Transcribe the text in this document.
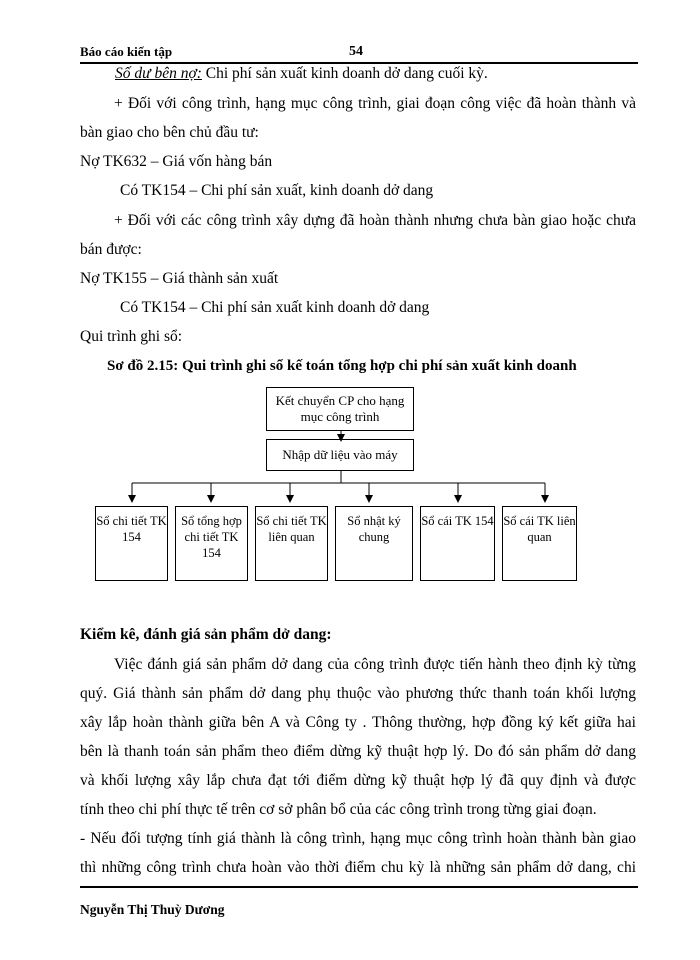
Báo cáo kiến tập	54
Số dư bên nợ: Chi phí sản xuất kinh doanh dở dang cuối kỳ.
+ Đối với công trình, hạng mục công trình, giai đoạn công việc đã hoàn thành và
bàn giao cho bên chủ đầu tư:
Nợ TK632 – Giá vốn hàng bán
Có TK154 – Chi phí sản xuất, kinh doanh dở dang
+ Đối với các công trình xây dựng đã hoàn thành nhưng chưa bàn giao hoặc chưa
bán được:
Nợ TK155 – Giá thành sản xuất
Có TK154 – Chi phí sản xuất kinh doanh dở dang
Qui trình ghi sổ:
Sơ đồ 2.15: Qui trình ghi sổ kế toán tổng hợp chi phí sản xuất kinh doanh
Kết chuyển CP cho hạng mục công trình
Nhập dữ liệu vào máy
Sổ chi tiết TK 154
Sổ tổng hợp chi tiết TK 154
Sổ chi tiết TK liên quan
Sổ nhật ký chung
Sổ cái TK 154 Sổ cái TK liên quan
Kiểm kê, đánh giá sản phẩm dở dang:
Việc đánh giá sản phẩm dở dang của công trình được tiến hành theo định kỳ từng
quý. Giá thành sản phẩm dở dang phụ thuộc vào phương thức thanh toán khối lượng
xây lắp hoàn thành giữa bên A và Công ty . Thông thường, hợp đồng ký kết giữa hai
bên là thanh toán sản phẩm theo điểm dừng kỹ thuật hợp lý. Do đó sản phẩm dở dang
và khối lượng xây lắp chưa đạt tới điểm dừng kỹ thuật hợp lý đã quy định và được
tính theo chi phí thực tế trên cơ sở phân bổ của các công trình trong từng giai đoạn.
- Nếu đối tượng tính giá thành là công trình, hạng mục công trình hoàn thành bàn giao
thì những công trình chưa hoàn vào thời điểm chu kỳ là những sản phẩm dở dang, chi
Nguyễn Thị Thuỳ Dương
